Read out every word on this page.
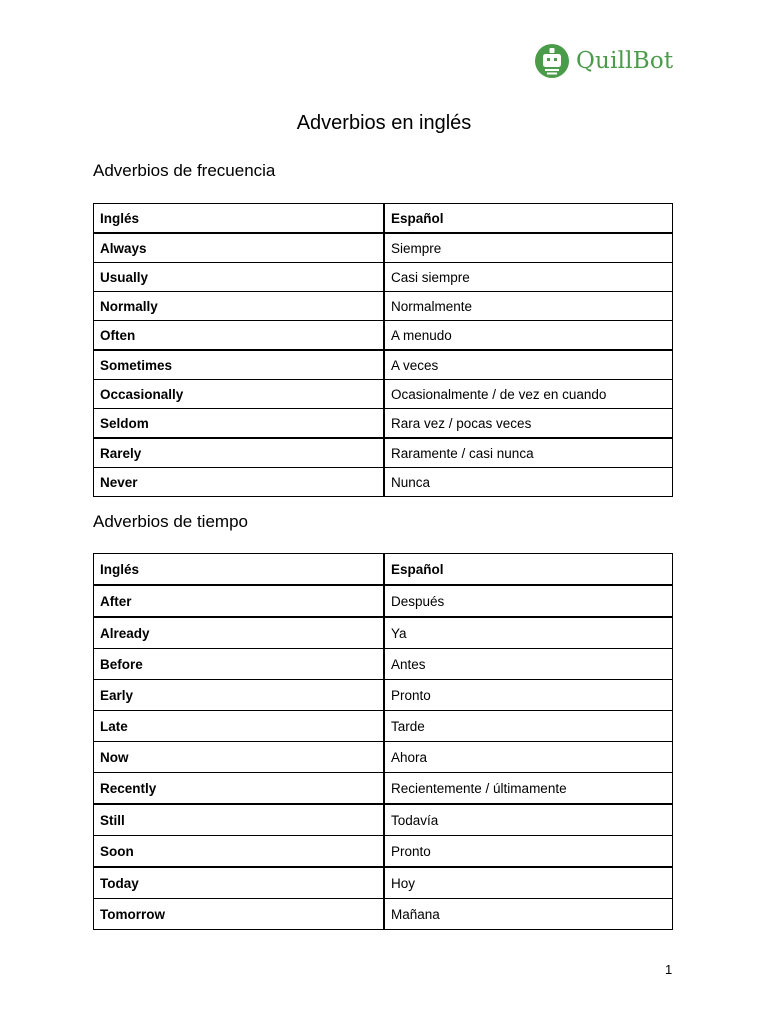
QuillBot
Adverbios en inglés
Adverbios de frecuencia
Inglés	Español
Always	Siempre
Usually	Casi siempre
Normally	Normalmente
Often	A menudo
Sometimes	A veces
Occasionally	Ocasionalmente / de vez en cuando
Seldom	Rara vez / pocas veces
Rarely	Raramente / casi nunca
Never	Nunca
Adverbios de tiempo
Inglés	Español
After	Después
Already	Ya
Before	Antes
Early	Pronto
Late	Tarde
Now	Ahora
Recently	Recientemente / últimamente
Still	Todavía
Soon	Pronto
Today	Hoy
Tomorrow	Mañana
1
